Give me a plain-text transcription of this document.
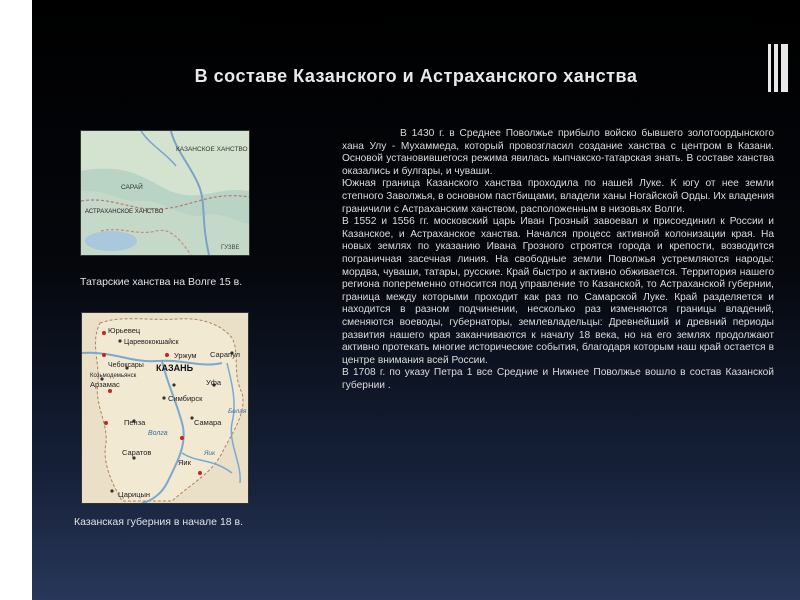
В составе Казанского и Астраханского ханства
КАЗАНСКОЕ ХАНСТВО
САРАЙ
АСТРАХАНСКОЕ ХАНСТВО
ГУЗВЕ
Татарские ханства на Волге 15 в.
Юрьевец
Царевококшайск
Уржум Сарапул
Чебоксары
Козьмодемьянск
Арзамас
КАЗАНЬ
Уфа
Симбирск
Пенза	Самара
Саратов
Яик
Царицын
Волга
Белая
Яик
Казанская губерния в начале 18 в.

В 1430 г. в Среднее Поволжье прибыло войско бывшего золотоордынского хана Улу - Мухаммеда, который провозгласил создание ханства с центром в Казани. Основой установившегося режима явилась кыпчакско-татарская знать. В составе ханства оказались и булгары, и чуваши.

Южная граница Казанского ханства проходила по нашей Луке. К югу от нее земли степного Заволжья, в основном пастбищами, владели ханы Ногайской Орды. Их владения граничили с Астраханским ханством, расположенным в низовьях Волги.

В 1552 и 1556 гг. московский царь Иван Грозный завоевал и присоединил к России и Казанское, и Астраханское ханства. Начался процесс активной колонизации края. На новых землях по указанию Ивана Грозного строятся города и крепости, возводится пограничная засечная линия. На свободные земли Поволжья устремляются народы: мордва, чуваши, татары, русские. Край быстро и активно обживается. Территория нашего региона попеременно относится под управление то Казанской, то Астраханской губернии, граница между которыми проходит как раз по Самарской Луке. Край разделяется и находится в разном подчинении, несколько раз изменяются границы владений, сменяются воеводы, губернаторы, землевладельцы: Древнейший и древний периоды развития нашего края заканчиваются к началу 18 века, но на его землях продолжают активно протекать многие исторические события, благодаря которым наш край остается в центре внимания всей России.

В 1708 г. по указу Петра 1 все Средние и Нижнее Поволжье вошло в состав Казанской губернии .
